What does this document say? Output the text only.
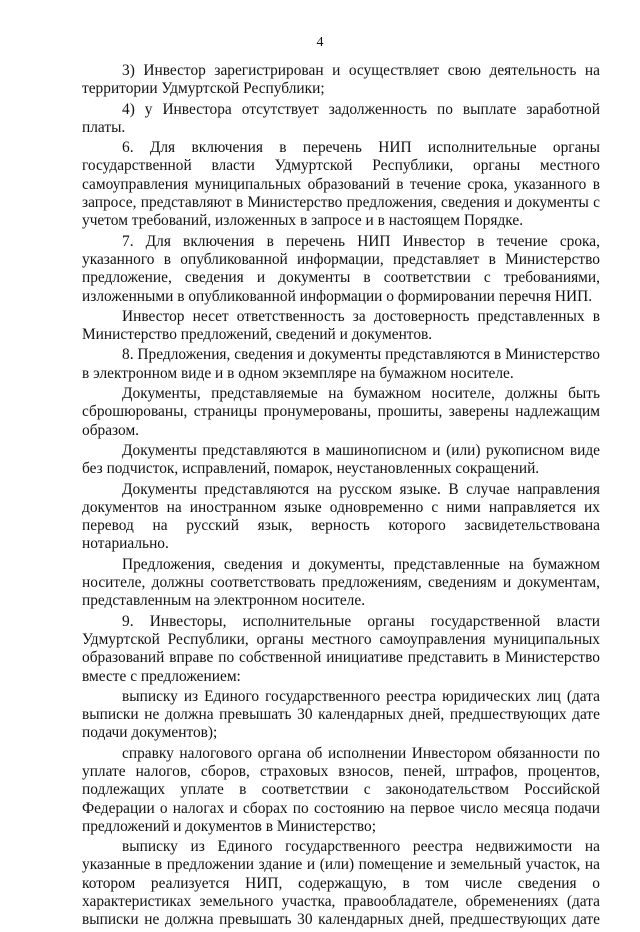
4

3) Инвестор зарегистрирован и осуществляет свою деятельность на территории Удмуртской Республики;

4) у Инвестора отсутствует задолженность по выплате заработной платы.

6. Для включения в перечень НИП исполнительные органы государственной власти Удмуртской Республики, органы местного самоуправления муниципальных образований в течение срока, указанного в запросе, представляют в Министерство предложения, сведения и документы с учетом требований, изложенных в запросе и в настоящем Порядке.

7. Для включения в перечень НИП Инвестор в течение срока, указанного в опубликованной информации, представляет в Министерство предложение, сведения и документы в соответствии с требованиями, изложенными в опубликованной информации о формировании перечня НИП.

Инвестор несет ответственность за достоверность представленных в Министерство предложений, сведений и документов.

8. Предложения, сведения и документы представляются в Министерство в электронном виде и в одном экземпляре на бумажном носителе.

Документы, представляемые на бумажном носителе, должны быть сброшюрованы, страницы пронумерованы, прошиты, заверены надлежащим образом.

Документы представляются в машинописном и (или) рукописном виде без подчисток, исправлений, помарок, неустановленных сокращений.

Документы представляются на русском языке. В случае направления документов на иностранном языке одновременно с ними направляется их перевод на русский язык, верность которого засвидетельствована нотариально.

Предложения, сведения и документы, представленные на бумажном носителе, должны соответствовать предложениям, сведениям и документам, представленным на электронном носителе.

9. Инвесторы, исполнительные органы государственной власти Удмуртской Республики, органы местного самоуправления муниципальных образований вправе по собственной инициативе представить в Министерство вместе с предложением:

выписку из Единого государственного реестра юридических лиц (дата выписки не должна превышать 30 календарных дней, предшествующих дате подачи документов);

справку налогового органа об исполнении Инвестором обязанности по уплате налогов, сборов, страховых взносов, пеней, штрафов, процентов, подлежащих уплате в соответствии с законодательством Российской Федерации о налогах и сборах по состоянию на первое число месяца подачи предложений и документов в Министерство;

выписку из Единого государственного реестра недвижимости на указанные в предложении здание и (или) помещение и земельный участок, на котором реализуется НИП, содержащую, в том числе сведения о характеристиках земельного участка, правообладателе, обременениях (дата выписки не должна превышать 30 календарных дней, предшествующих дате
